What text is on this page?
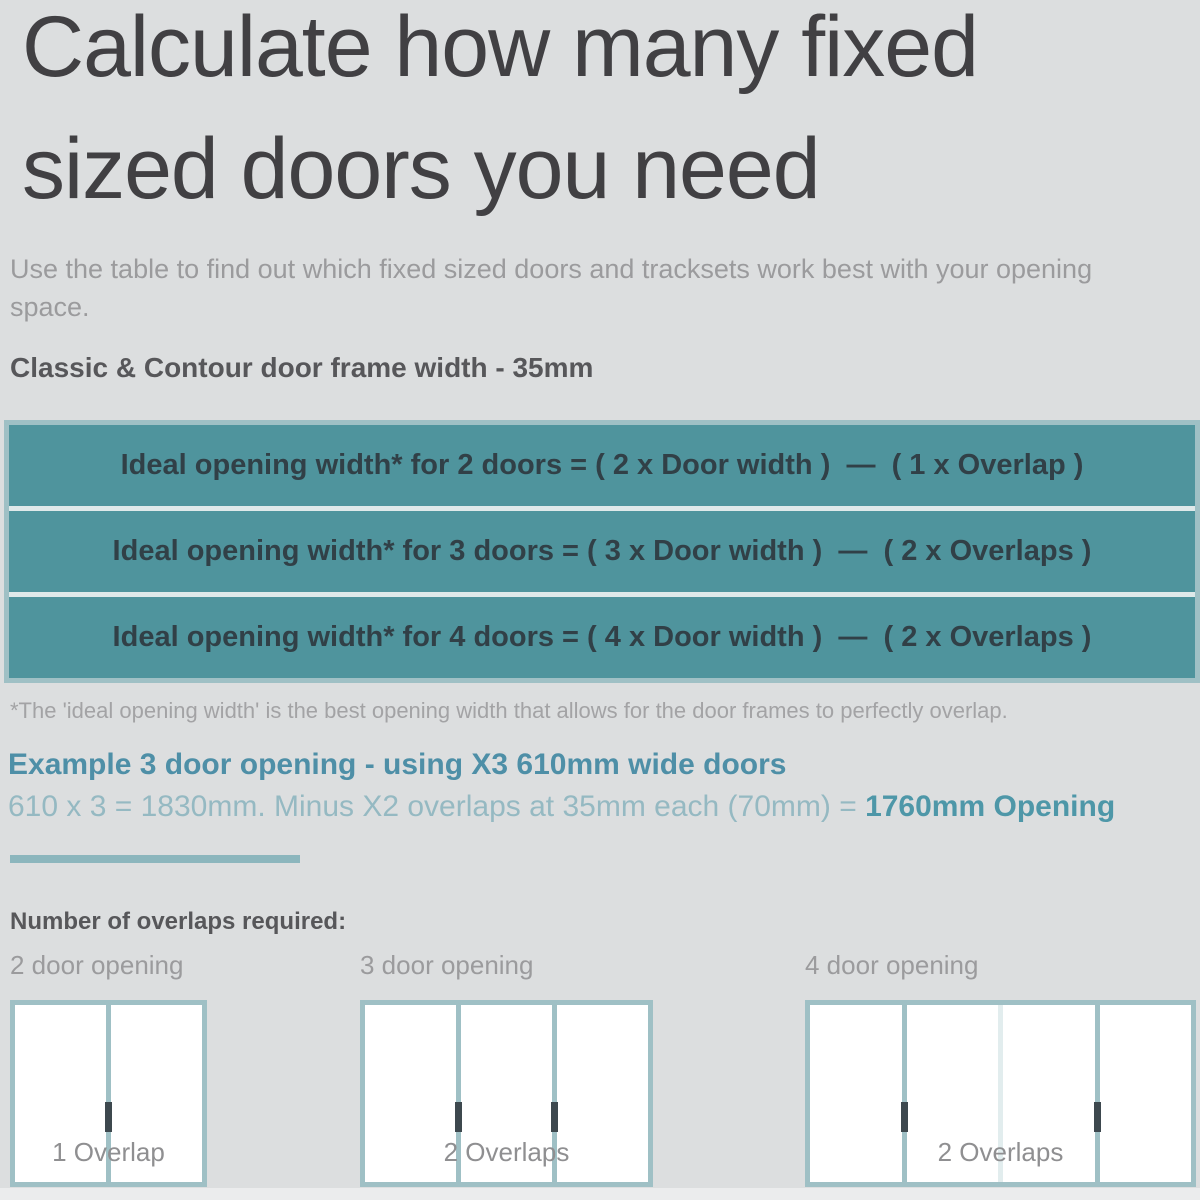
Calculate how many fixed
sized doors you need
Use the table to find out which fixed sized doors and tracksets work best with your opening space.
Classic & Contour door frame width - 35mm
Ideal opening width* for 2 doors = ( 2 x Door width )  —  ( 1 x Overlap )
Ideal opening width* for 3 doors = ( 3 x Door width )  —  ( 2 x Overlaps )
Ideal opening width* for 4 doors = ( 4 x Door width )  —  ( 2 x Overlaps )
*The 'ideal opening width' is the best opening width that allows for the door frames to perfectly overlap.
Example 3 door opening - using X3 610mm wide doors
610 x 3 = 1830mm. Minus X2 overlaps at 35mm each (70mm) = 1760mm Opening
Number of overlaps required:
2 door opening	3 door opening	4 door opening
1 Overlap	2 Overlaps	2 Overlaps
